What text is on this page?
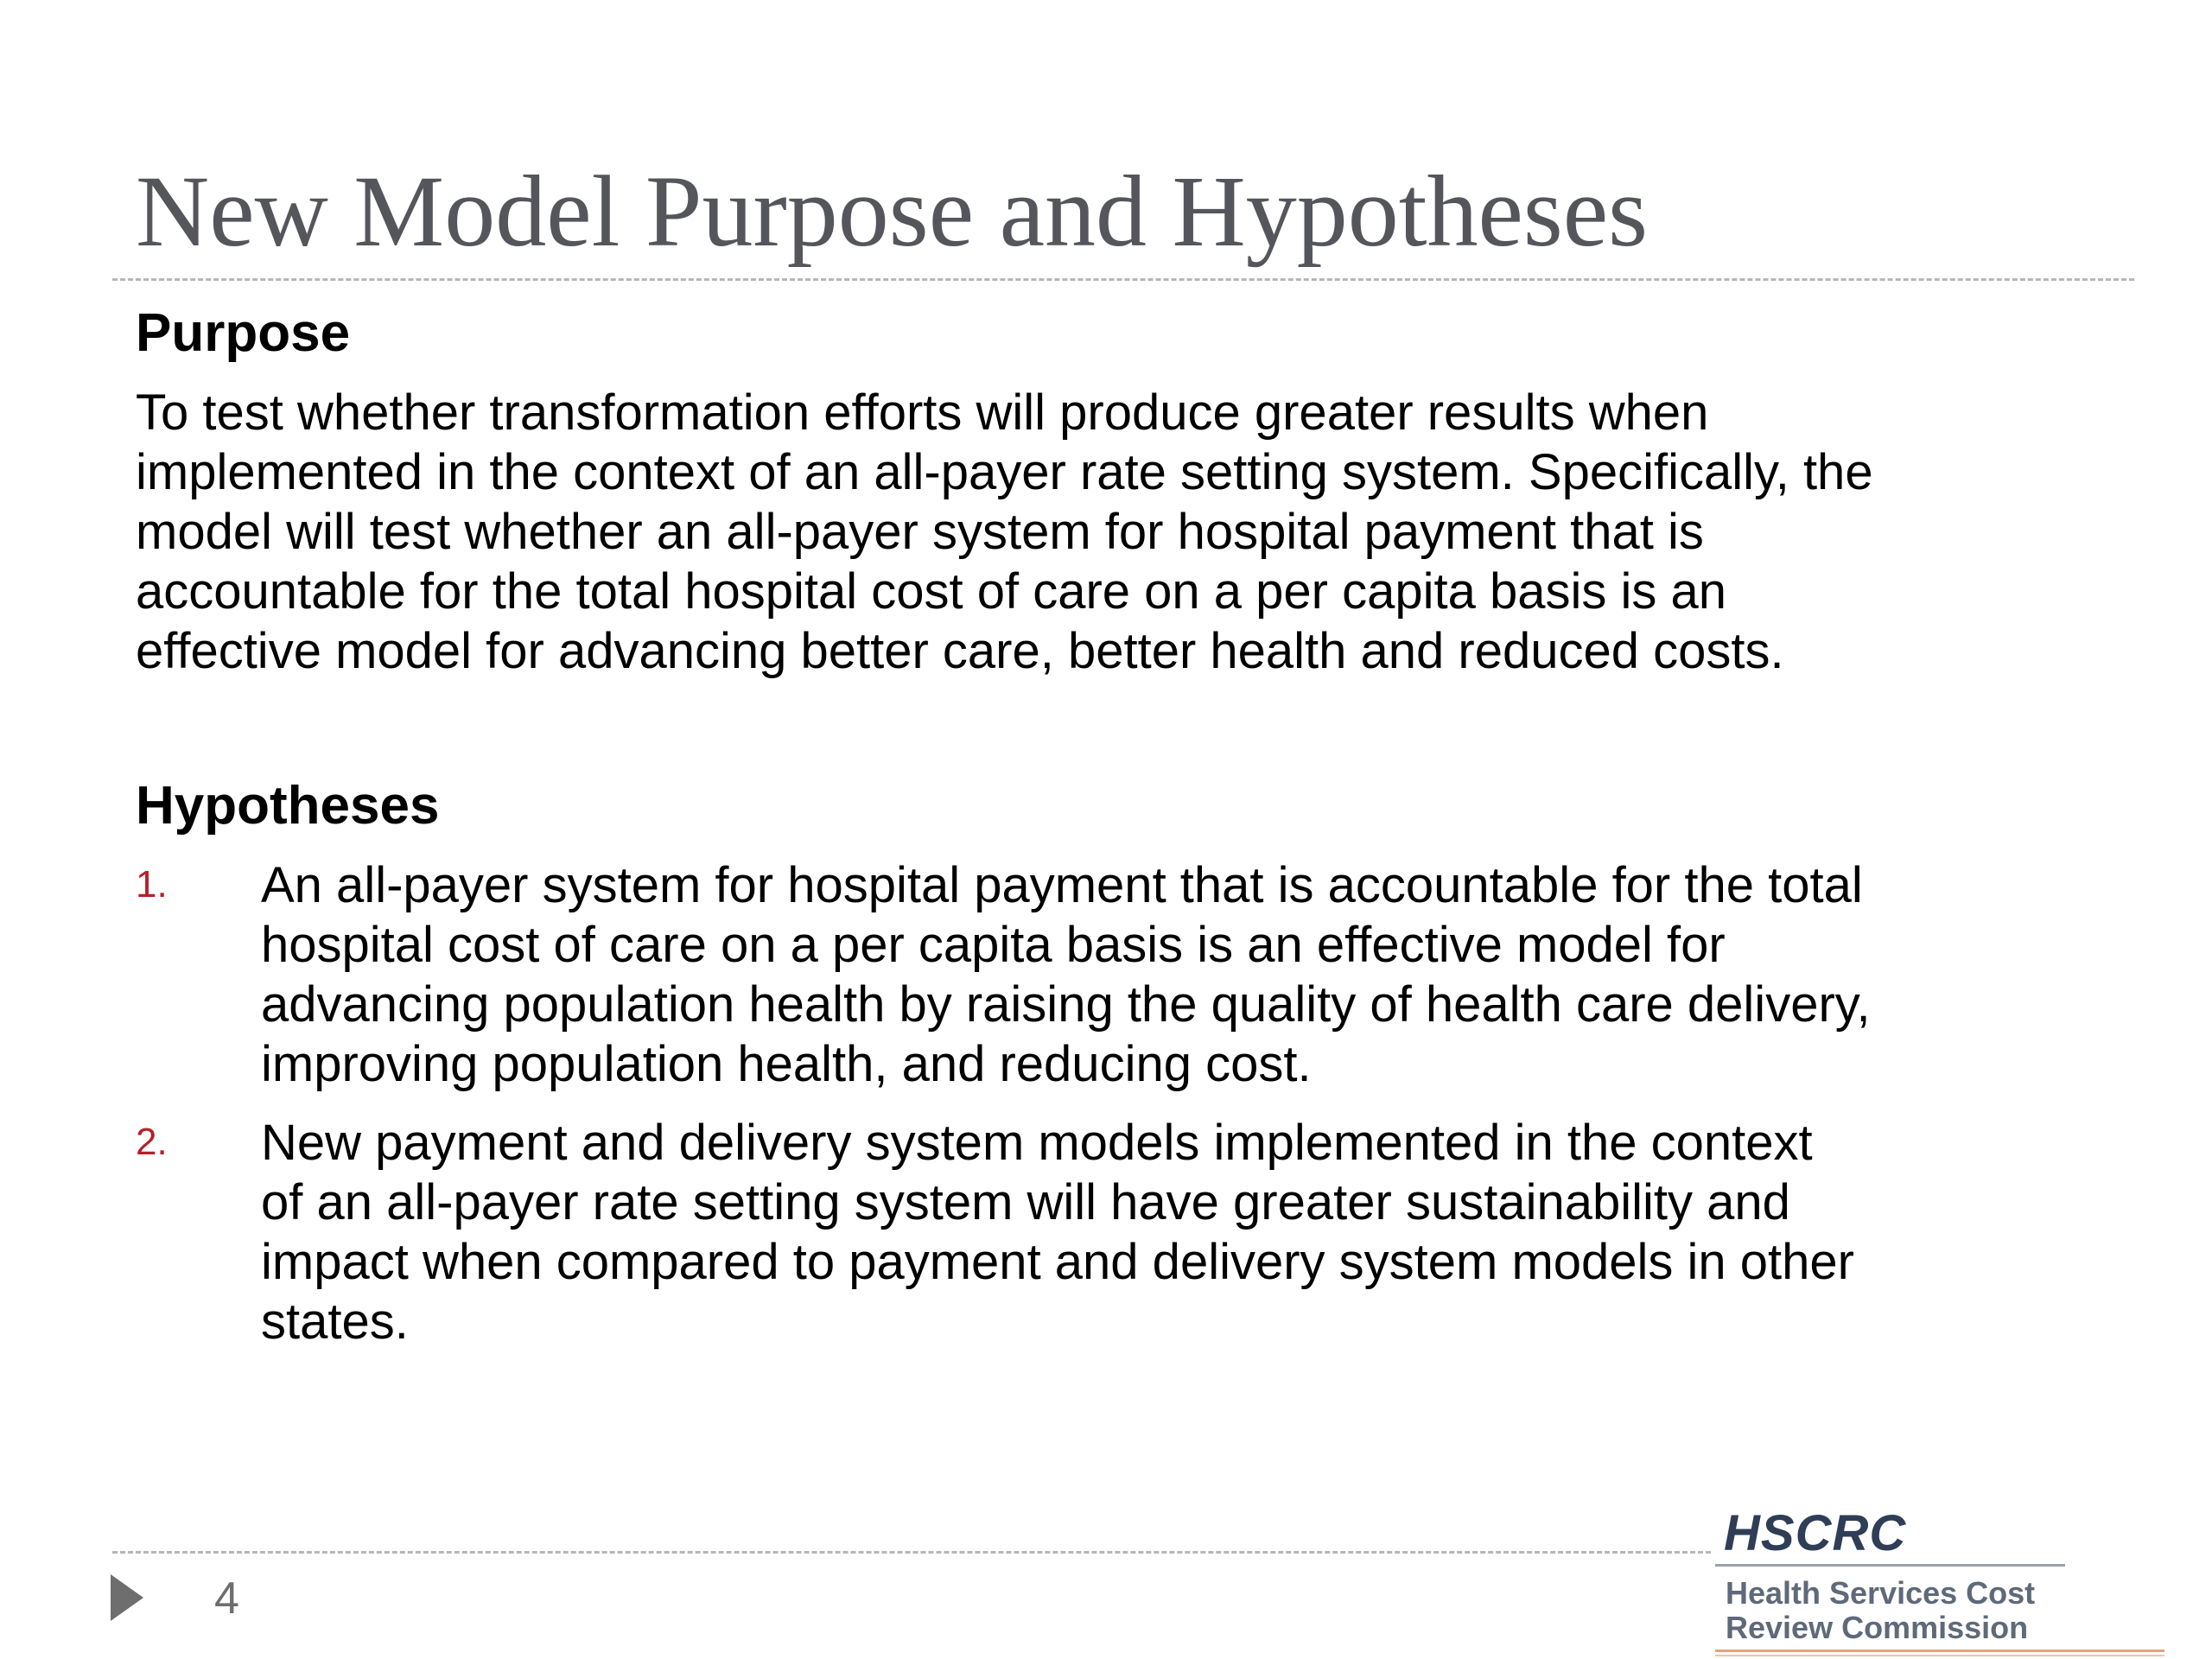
New Model Purpose and Hypotheses
Purpose
To test whether transformation efforts will produce greater results when
implemented in the context of an all-payer rate setting system. Specifically, the
model will test whether an all-payer system for hospital payment that is
accountable for the total hospital cost of care on a per capita basis is an
effective model for advancing better care, better health and reduced costs.
Hypotheses
1. An all-payer system for hospital payment that is accountable for the total
hospital cost of care on a per capita basis is an effective model for
advancing population health by raising the quality of health care delivery,
improving population health, and reducing cost.
2. New payment and delivery system models implemented in the context
of an all-payer rate setting system will have greater sustainability and
impact when compared to payment and delivery system models in other
states.
4
HSCRC
Health Services Cost
Review Commission
